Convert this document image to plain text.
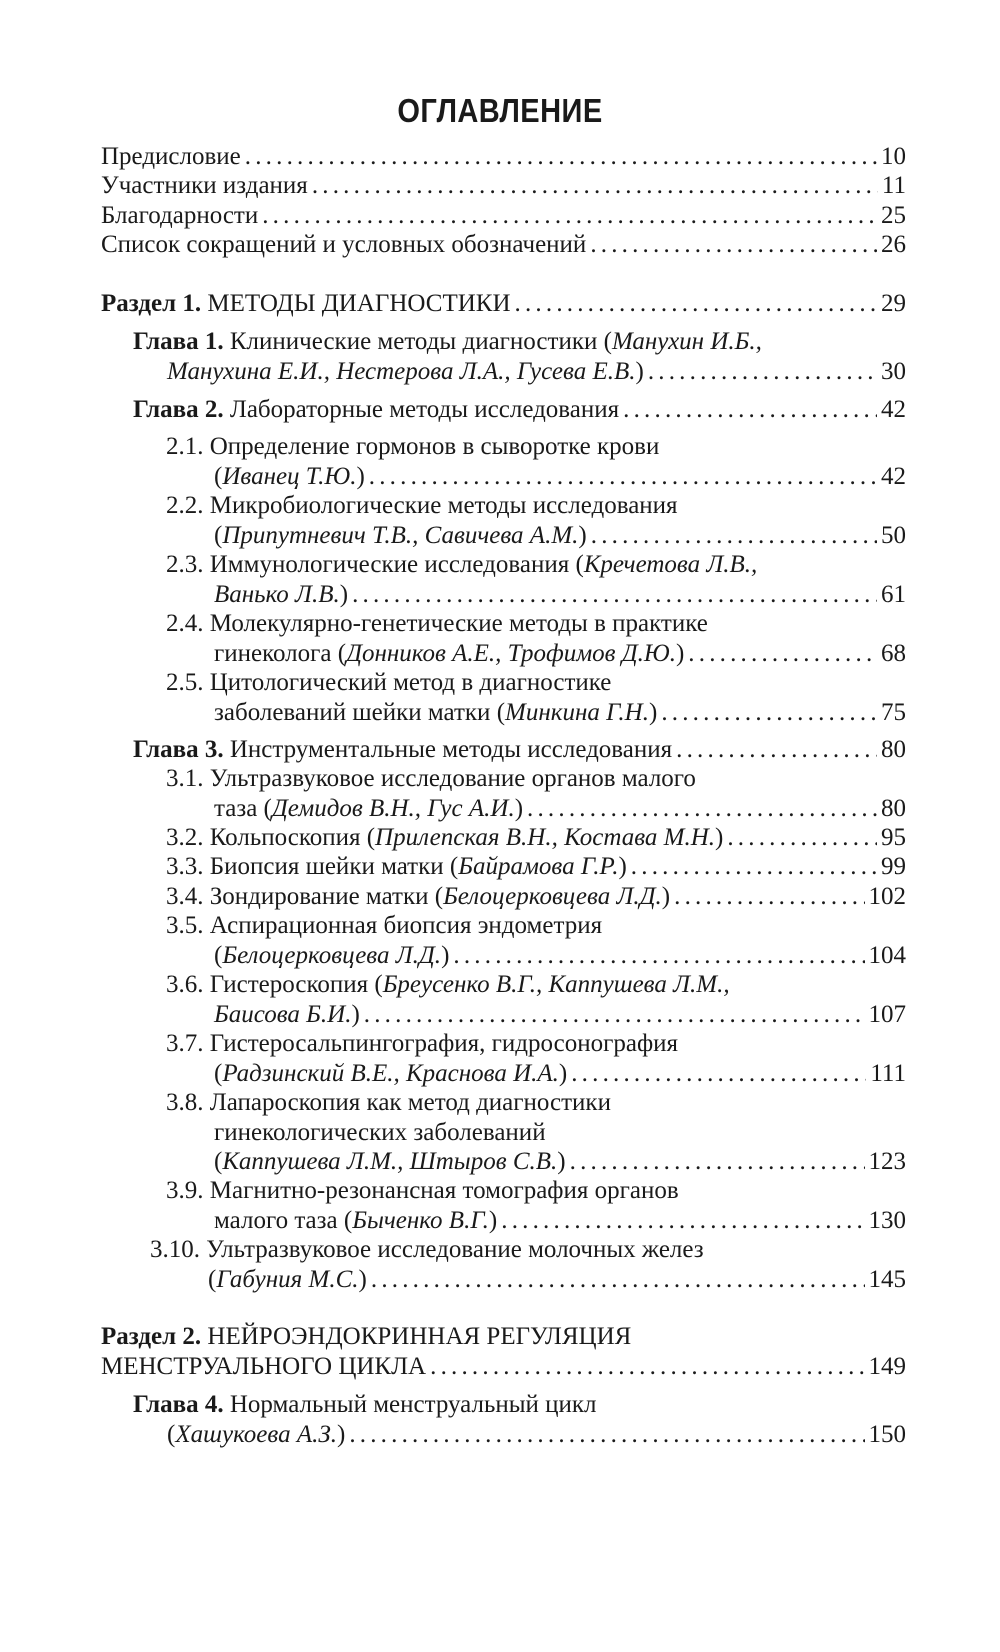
ОГЛАВЛЕНИЕ
Предисловие .....	10
Участники издания .....	11
Благодарности .....	25
Список сокращений и условных обозначений .....	26
Раздел 1. МЕТОДЫ ДИАГНОСТИКИ .....	29
Глава 1. Клинические методы диагностики (Манухин И.Б.,
Манухина Е.И., Нестерова Л.А., Гусева Е.В.) .....	30
Глава 2. Лабораторные методы исследования .....	42
2.1. Определение гормонов в сыворотке крови
(Иванец Т.Ю.) .....	42
2.2. Микробиологические методы исследования
(Припутневич Т.В., Савичева А.М.) .....	50
2.3. Иммунологические исследования (Кречетова Л.В.,
Ванько Л.В.) .....	61
2.4. Молекулярно-генетические методы в практике
гинеколога (Донников А.Е., Трофимов Д.Ю.) .....	68
2.5. Цитологический метод в диагностике
заболеваний шейки матки (Минкина Г.Н.) .....	75
Глава 3. Инструментальные методы исследования .....	80
3.1. Ультразвуковое исследование органов малого
таза (Демидов В.Н., Гус А.И.) .....	80
3.2. Кольпоскопия (Прилепская В.Н., Костава М.Н.) .....	95
3.3. Биопсия шейки матки (Байрамова Г.Р.) .....	99
3.4. Зондирование матки (Белоцерковцева Л.Д.) .....	102
3.5. Аспирационная биопсия эндометрия
(Белоцерковцева Л.Д.) .....	104
3.6. Гистероскопия (Бреусенко В.Г., Каппушева Л.М.,
Баисова Б.И.) .....	107
3.7. Гистеросальпингография, гидросонография
(Радзинский В.Е., Краснова И.А.) .....	111
3.8. Лапароскопия как метод диагностики
гинекологических заболеваний
(Каппушева Л.М., Штыров С.В.) .....	123
3.9. Магнитно-резонансная томография органов
малого таза (Быченко В.Г.) .....	130
3.10. Ультразвуковое исследование молочных желез
(Габуния М.С.) .....	145
Раздел 2. НЕЙРОЭНДОКРИННАЯ РЕГУЛЯЦИЯ
МЕНСТРУАЛЬНОГО ЦИКЛА .....	149
Глава 4. Нормальный менструальный цикл
(Хашукоева А.З.) .....	150
